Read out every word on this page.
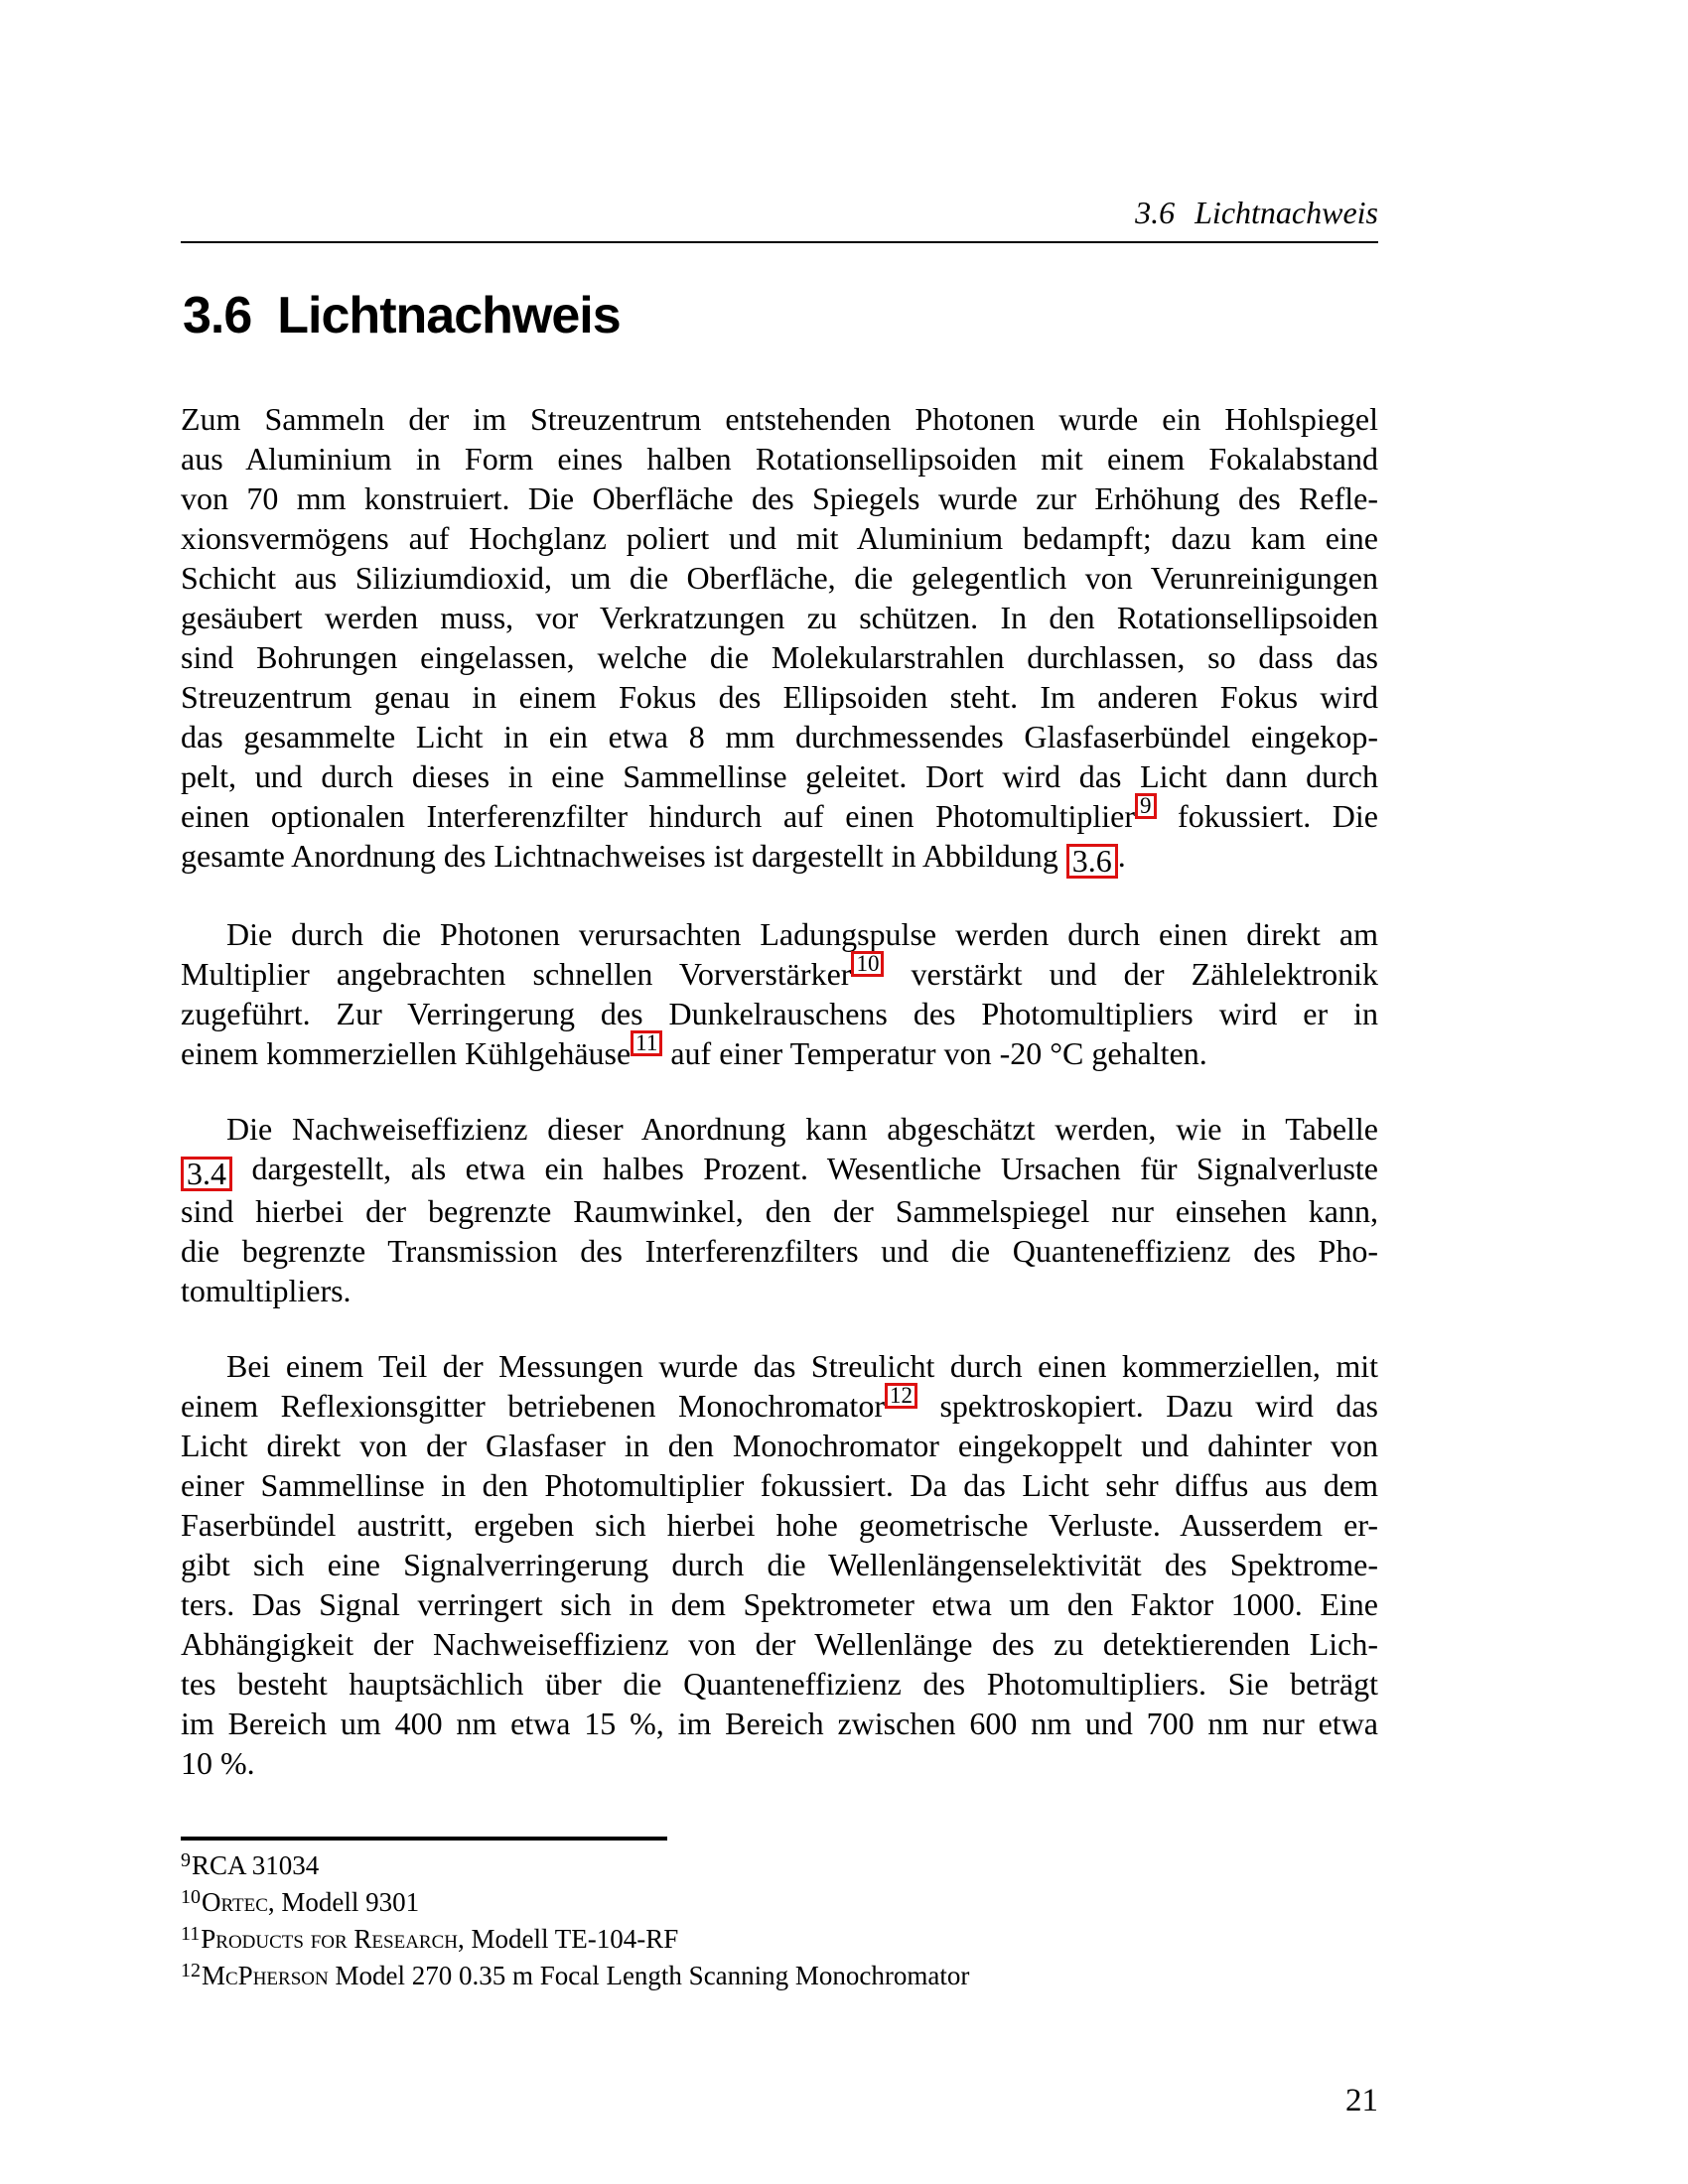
3.6 Lichtnachweis
3.6 Lichtnachweis
Zum Sammeln der im Streuzentrum entstehenden Photonen wurde ein Hohlspiegel
aus Aluminium in Form eines halben Rotationsellipsoiden mit einem Fokalabstand
von 70 mm konstruiert. Die Oberfläche des Spiegels wurde zur Erhöhung des Refle-
xionsvermögens auf Hochglanz poliert und mit Aluminium bedampft; dazu kam eine
Schicht aus Siliziumdioxid, um die Oberfläche, die gelegentlich von Verunreinigungen
gesäubert werden muss, vor Verkratzungen zu schützen. In den Rotationsellipsoiden
sind Bohrungen eingelassen, welche die Molekularstrahlen durchlassen, so dass das
Streuzentrum genau in einem Fokus des Ellipsoiden steht. Im anderen Fokus wird
das gesammelte Licht in ein etwa 8 mm durchmessendes Glasfaserbündel eingekop-
pelt, und durch dieses in eine Sammellinse geleitet. Dort wird das Licht dann durch
einen optionalen Interferenzfilter hindurch auf einen Photomultiplier 9 fokussiert. Die
gesamte Anordnung des Lichtnachweises ist dargestellt in Abbildung 3.6 .
Die durch die Photonen verursachten Ladungspulse werden durch einen direkt am
Multiplier angebrachten schnellen Vorverstärker 10 verstärkt und der Zählelektronik
zugeführt. Zur Verringerung des Dunkelrauschens des Photomultipliers wird er in
einem kommerziellen Kühlgehäuse 11 auf einer Temperatur von -20 °C gehalten.
Die Nachweiseffizienz dieser Anordnung kann abgeschätzt werden, wie in Tabelle
3.4 dargestellt, als etwa ein halbes Prozent. Wesentliche Ursachen für Signalverluste
sind hierbei der begrenzte Raumwinkel, den der Sammelspiegel nur einsehen kann,
die begrenzte Transmission des Interferenzfilters und die Quanteneffizienz des Pho-
tomultipliers.
Bei einem Teil der Messungen wurde das Streulicht durch einen kommerziellen, mit
einem Reflexionsgitter betriebenen Monochromator 12 spektroskopiert. Dazu wird das
Licht direkt von der Glasfaser in den Monochromator eingekoppelt und dahinter von
einer Sammellinse in den Photomultiplier fokussiert. Da das Licht sehr diffus aus dem
Faserbündel austritt, ergeben sich hierbei hohe geometrische Verluste. Ausserdem er-
gibt sich eine Signalverringerung durch die Wellenlängenselektivität des Spektrome-
ters. Das Signal verringert sich in dem Spektrometer etwa um den Faktor 1000. Eine
Abhängigkeit der Nachweiseffizienz von der Wellenlänge des zu detektierenden Lich-
tes besteht hauptsächlich über die Quanteneffizienz des Photomultipliers. Sie beträgt
im Bereich um 400 nm etwa 15 %, im Bereich zwischen 600 nm und 700 nm nur etwa
10 %.
9RCA 31034
10Ortec, Modell 9301
11Products for Research, Modell TE-104-RF
12McPherson Model 270 0.35 m Focal Length Scanning Monochromator
21
